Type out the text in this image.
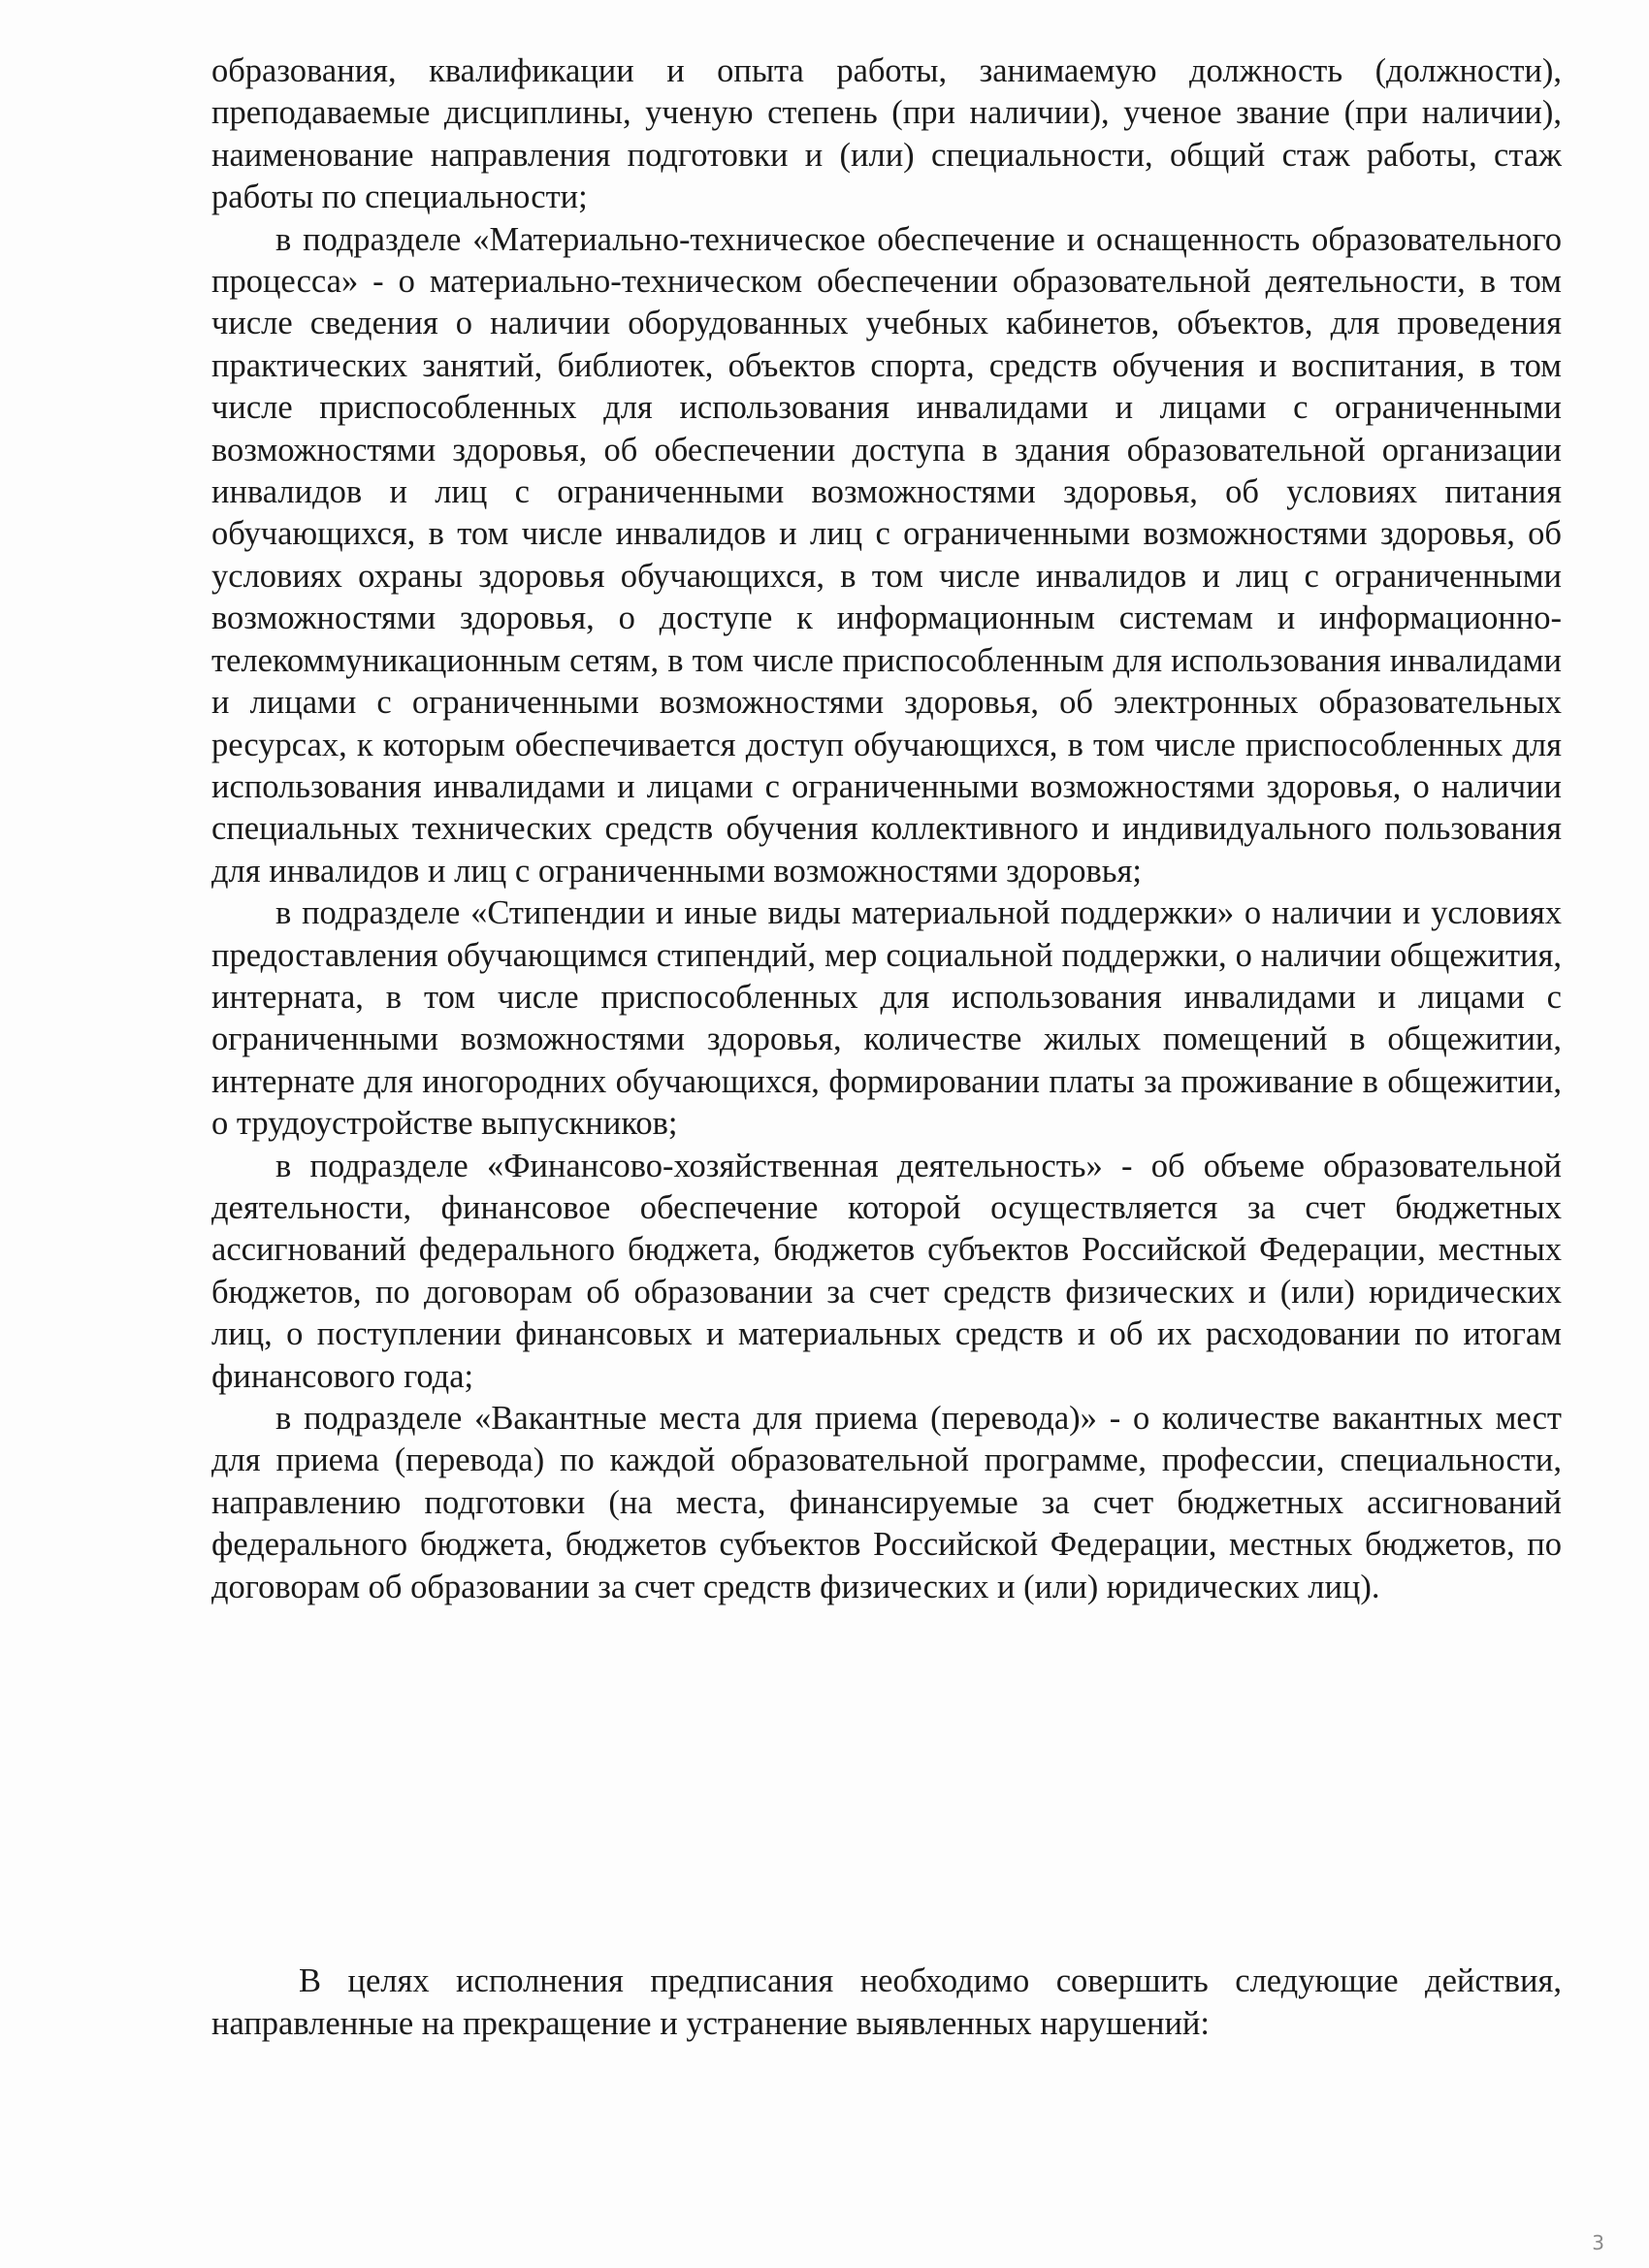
образования, квалификации и опыта работы, занимаемую должность (должности), преподаваемые дисциплины, ученую степень (при наличии), ученое звание (при наличии), наименование направления подготовки и (или) специальности, общий стаж работы, стаж работы по специальности;

в подразделе «Материально-техническое обеспечение и оснащенность образовательного процесса» - о материально-техническом обеспечении образовательной деятельности, в том числе сведения о наличии оборудованных учебных кабинетов, объектов, для проведения практических занятий, библиотек, объектов спорта, средств обучения и воспитания, в том числе приспособленных для использования инвалидами и лицами с ограниченными возможностями здоровья, об обеспечении доступа в здания образовательной организации инвалидов и лиц с ограниченными возможностями здоровья, об условиях питания обучающихся, в том числе инвалидов и лиц с ограниченными возможностями здоровья, об условиях охраны здоровья обучающихся, в том числе инвалидов и лиц с ограниченными возможностями здоровья, о доступе к информационным системам и информационно-телекоммуникационным сетям, в том числе приспособленным для использования инвалидами и лицами с ограниченными возможностями здоровья, об электронных образовательных ресурсах, к которым обеспечивается доступ обучающихся, в том числе приспособленных для использования инвалидами и лицами с ограниченными возможностями здоровья, о наличии специальных технических средств обучения коллективного и индивидуального пользования для инвалидов и лиц с ограниченными возможностями здоровья;

в подразделе «Стипендии и иные виды материальной поддержки» о наличии и условиях предоставления обучающимся стипендий, мер социальной поддержки, о наличии общежития, интерната, в том числе приспособленных для использования инвалидами и лицами с ограниченными возможностями здоровья, количестве жилых помещений в общежитии, интернате для иногородних обучающихся, формировании платы за проживание в общежитии, о трудоустройстве выпускников;

в подразделе «Финансово-хозяйственная деятельность» - об объеме образовательной деятельности, финансовое обеспечение которой осуществляется за счет бюджетных ассигнований федерального бюджета, бюджетов субъектов Российской Федерации, местных бюджетов, по договорам об образовании за счет средств физических и (или) юридических лиц, о поступлении финансовых и материальных средств и об их расходовании по итогам финансового года;

в подразделе «Вакантные места для приема (перевода)» - о количестве вакантных мест для приема (перевода) по каждой образовательной программе, профессии, специальности, направлению подготовки (на места, финансируемые за счет бюджетных ассигнований федерального бюджета, бюджетов субъектов Российской Федерации, местных бюджетов, по договорам об образовании за счет средств физических и (или) юридических лиц).

В целях исполнения предписания необходимо совершить следующие действия, направленные на прекращение и устранение выявленных нарушений:

3
